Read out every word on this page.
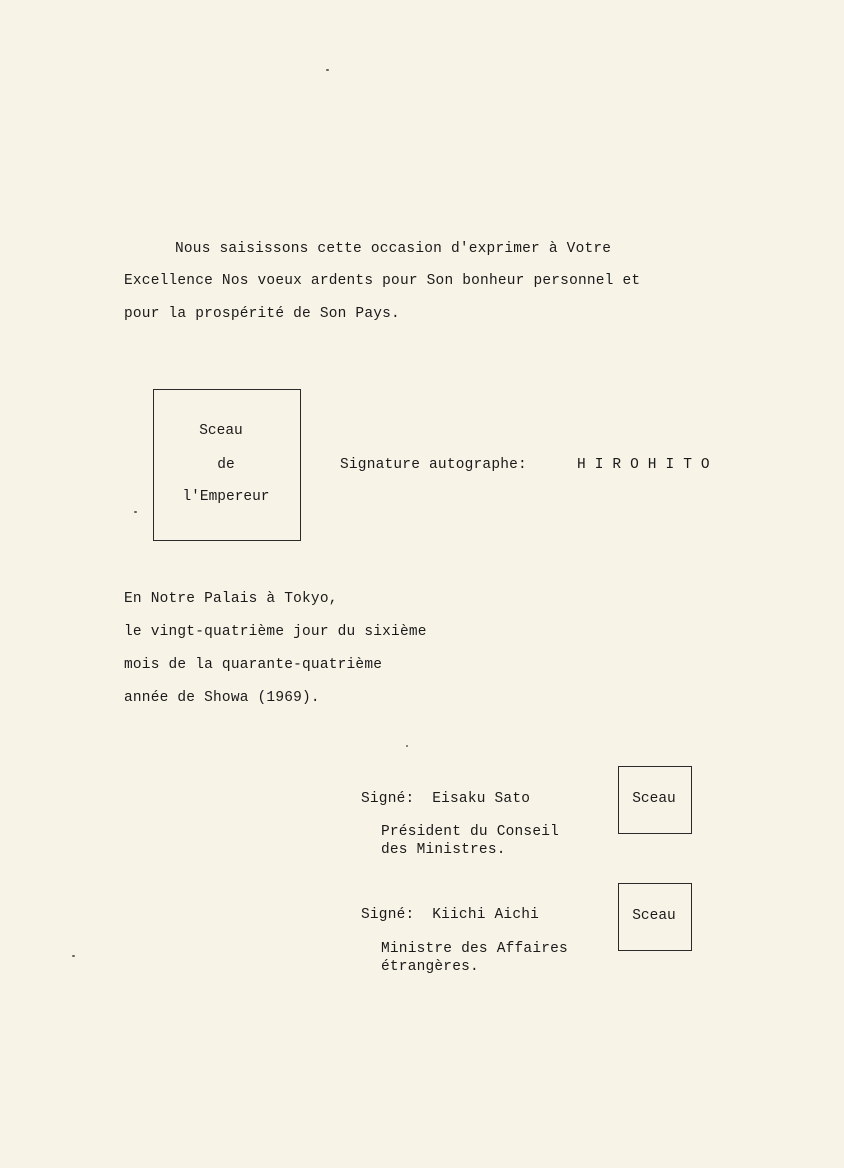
Nous saisissons cette occasion d'exprimer à Votre
Excellence Nos voeux ardents pour Son bonheur personnel et
pour la prospérité de Son Pays.
Sceau
de
l'Empereur
Signature autographe:	HIROHITO
En Notre Palais à Tokyo,
le vingt-quatrième jour du sixième
mois de la quarante-quatrième
année de Showa (1969).
Signé:  Eisaku Sato
Président du Conseil
des Ministres.
Sceau
Signé:  Kiichi Aichi
Ministre des Affaires
étrangères.
Sceau
